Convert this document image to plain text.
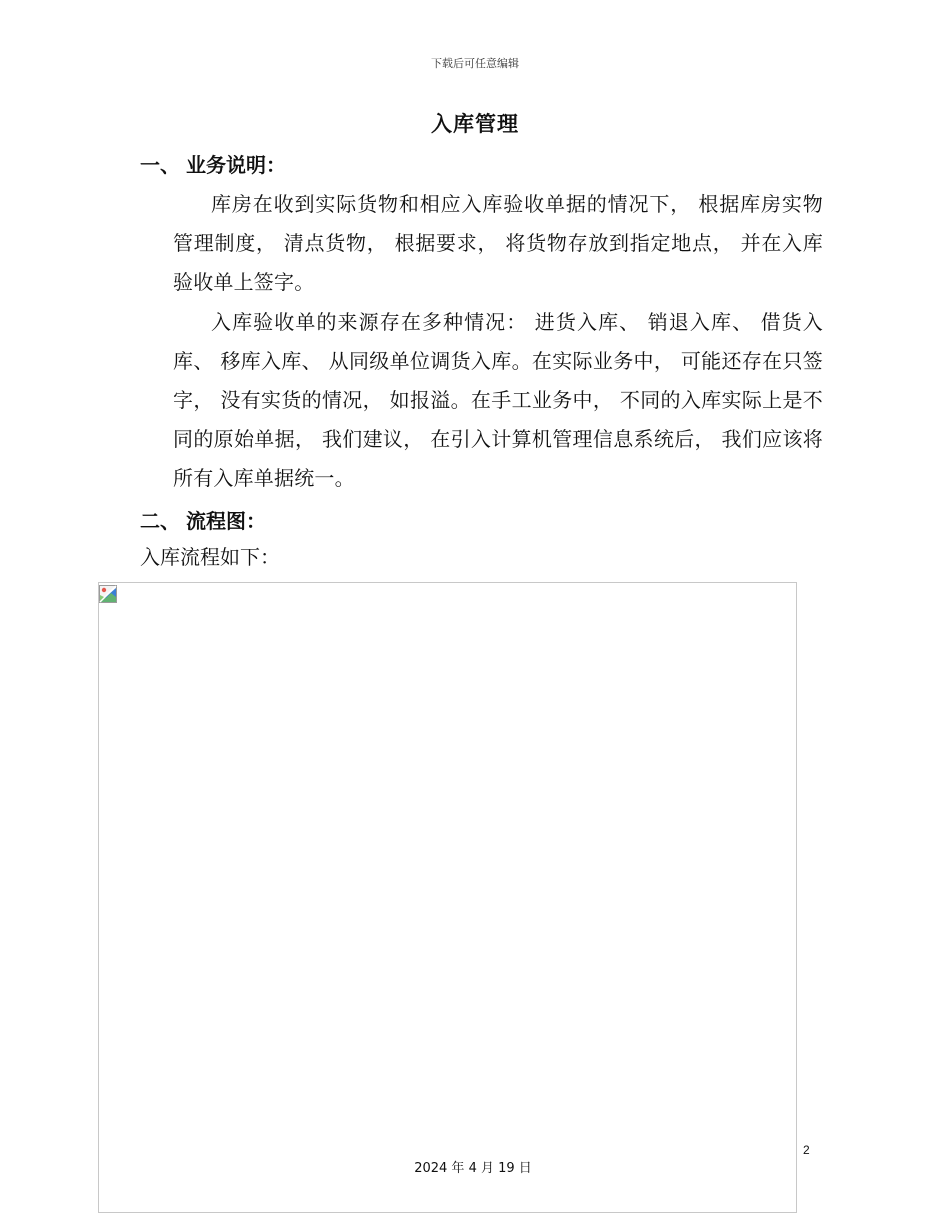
下载后可任意编辑
入库管理
一、 业务说明：
库房在收到实际货物和相应入库验收单据的情况下， 根据库房实物管理制度， 清点货物， 根据要求， 将货物存放到指定地点， 并在入库验收单上签字。
入库验收单的来源存在多种情况： 进货入库、 销退入库、 借货入库、 移库入库、 从同级单位调货入库。在实际业务中， 可能还存在只签字， 没有实货的情况， 如报溢。在手工业务中， 不同的入库实际上是不同的原始单据， 我们建议， 在引入计算机管理信息系统后， 我们应该将所有入库单据统一。
二、 流程图：
入库流程如下：
2
2024 年 4 月 19 日
